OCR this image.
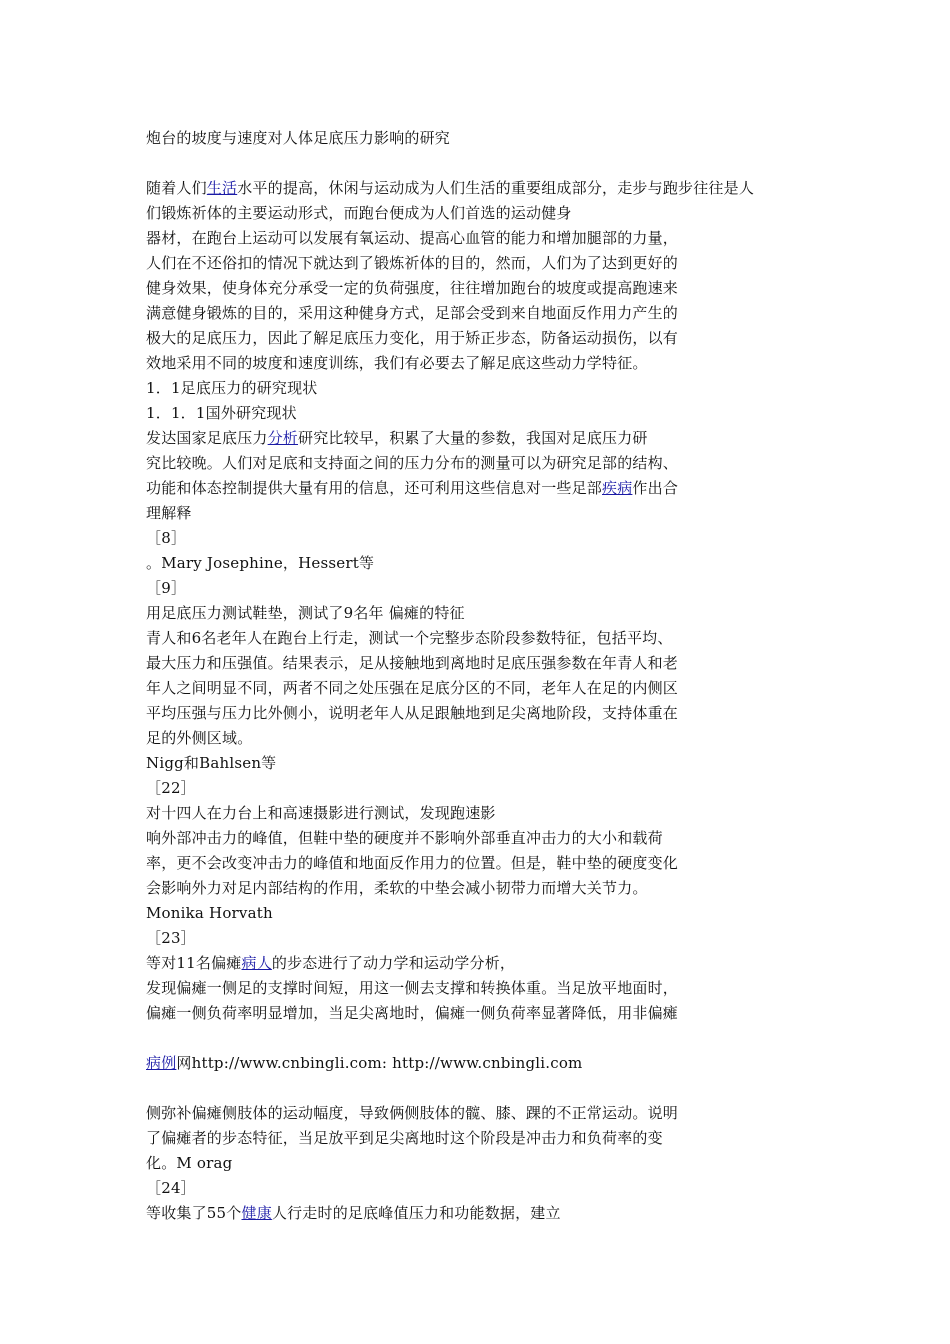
炮台的坡度与速度对人体足底压力影响的研究
随着人们生活水平的提高，休闲与运动成为人们生活的重要组成部分，走步与跑步往往是人
们锻炼祈体的主要运动形式，而跑台便成为人们首选的运动健身
器材，在跑台上运动可以发展有氧运动、提高心血管的能力和增加腿部的力量，
人们在不还俗扣的情况下就达到了锻炼祈体的目的，然而，人们为了达到更好的
健身效果，使身体充分承受一定的负荷强度，往往增加跑台的坡度或提高跑速来
满意健身锻炼的目的，采用这种健身方式，足部会受到来自地面反作用力产生的
极大的足底压力，因此了解足底压力变化，用于矫正步态，防备运动损伤，以有
效地采用不同的坡度和速度训练，我们有必要去了解足底这些动力学特征。
1．1足底压力的研究现状
1．1．1国外研究现状
发达国家足底压力分析研究比较早，积累了大量的参数，我国对足底压力研
究比较晚。人们对足底和支持面之间的压力分布的测量可以为研究足部的结构、
功能和体态控制提供大量有用的信息，还可利用这些信息对一些足部疾病作出合
理解释
［8］
。Mary Josephine，Hessert等
［9］
用足底压力测试鞋垫，测试了9名年 偏瘫的特征
青人和6名老年人在跑台上行走，测试一个完整步态阶段参数特征，包括平均、
最大压力和压强值。结果表示，足从接触地到离地时足底压强参数在年青人和老
年人之间明显不同，两者不同之处压强在足底分区的不同，老年人在足的内侧区
平均压强与压力比外侧小，说明老年人从足跟触地到足尖离地阶段，支持体重在
足的外侧区域。
Nigg和Bahlsen等
［22］
对十四人在力台上和高速摄影进行测试，发现跑速影
响外部冲击力的峰值，但鞋中垫的硬度并不影响外部垂直冲击力的大小和载荷
率，更不会改变冲击力的峰值和地面反作用力的位置。但是，鞋中垫的硬度变化
会影响外力对足内部结构的作用，柔软的中垫会减小韧带力而增大关节力。
Monika Horvath
［23］
等对11名偏瘫病人的步态进行了动力学和运动学分析，
发现偏瘫一侧足的支撑时间短，用这一侧去支撑和转换体重。当足放平地面时，
偏瘫一侧负荷率明显增加，当足尖离地时，偏瘫一侧负荷率显著降低，用非偏瘫
病例网http://www.cnbingli.com: http://www.cnbingli.com
侧弥补偏瘫侧肢体的运动幅度，导致俩侧肢体的髋、膝、踝的不正常运动。说明
了偏瘫者的步态特征，当足放平到足尖离地时这个阶段是冲击力和负荷率的变
化。M orag
［24］
等收集了55个健康人行走时的足底峰值压力和功能数据，建立
